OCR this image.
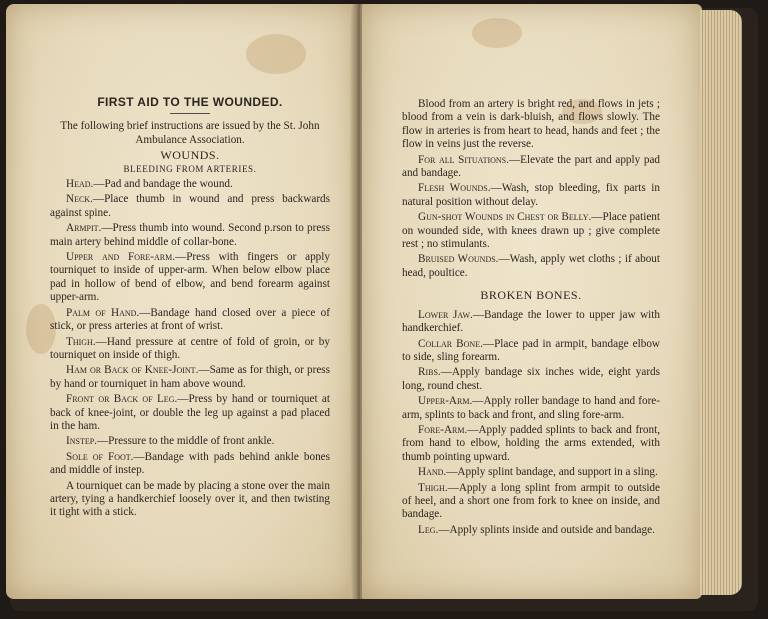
FIRST AID TO THE WOUNDED.
The following brief instructions are issued by the St. John Ambulance Association.
WOUNDS.
BLEEDING FROM ARTERIES.
Head.—Pad and bandage the wound.
Neck.—Place thumb in wound and press backwards against spine.
Armpit.—Press thumb into wound. Second p.rson to press main artery behind middle of collar-bone.
Upper and Fore-arm.—Press with fingers or apply tourniquet to inside of upper-arm. When below elbow place pad in hollow of bend of elbow, and bend forearm against upper-arm.
Palm of Hand.—Bandage hand closed over a piece of stick, or press arteries at front of wrist.
Thigh.—Hand pressure at centre of fold of groin, or by tourniquet on inside of thigh.
Ham or Back of Knee-Joint.—Same as for thigh, or press by hand or tourniquet in ham above wound.
Front or Back of Leg.—Press by hand or tourniquet at back of knee-joint, or double the leg up against a pad placed in the ham.
Instep.—Pressure to the middle of front ankle.
Sole of Foot.—Bandage with pads behind ankle bones and middle of instep.
A tourniquet can be made by placing a stone over the main artery, tying a handkerchief loosely over it, and then twisting it tight with a stick.
Blood from an artery is bright red, and flows in jets ; blood from a vein is dark-bluish, and flows slowly. The flow in arteries is from heart to head, hands and feet ; the flow in veins just the reverse.
For all Situations.—Elevate the part and apply pad and bandage.
Flesh Wounds.—Wash, stop bleeding, fix parts in natural position without delay.
Gun-shot Wounds in Chest or Belly.—Place patient on wounded side, with knees drawn up ; give complete rest ; no stimulants.
Bruised Wounds.—Wash, apply wet cloths ; if about head, poultice.
BROKEN BONES.
Lower Jaw.—Bandage the lower to upper jaw with handkerchief.
Collar Bone.—Place pad in armpit, bandage elbow to side, sling forearm.
Ribs.—Apply bandage six inches wide, eight yards long, round chest.
Upper-Arm.—Apply roller bandage to hand and fore-arm, splints to back and front, and sling fore-arm.
Fore-Arm.—Apply padded splints to back and front, from hand to elbow, holding the arms extended, with thumb pointing upward.
Hand.—Apply splint bandage, and support in a sling.
Thigh.—Apply a long splint from armpit to outside of heel, and a short one from fork to knee on inside, and bandage.
Leg.—Apply splints inside and outside and bandage.
